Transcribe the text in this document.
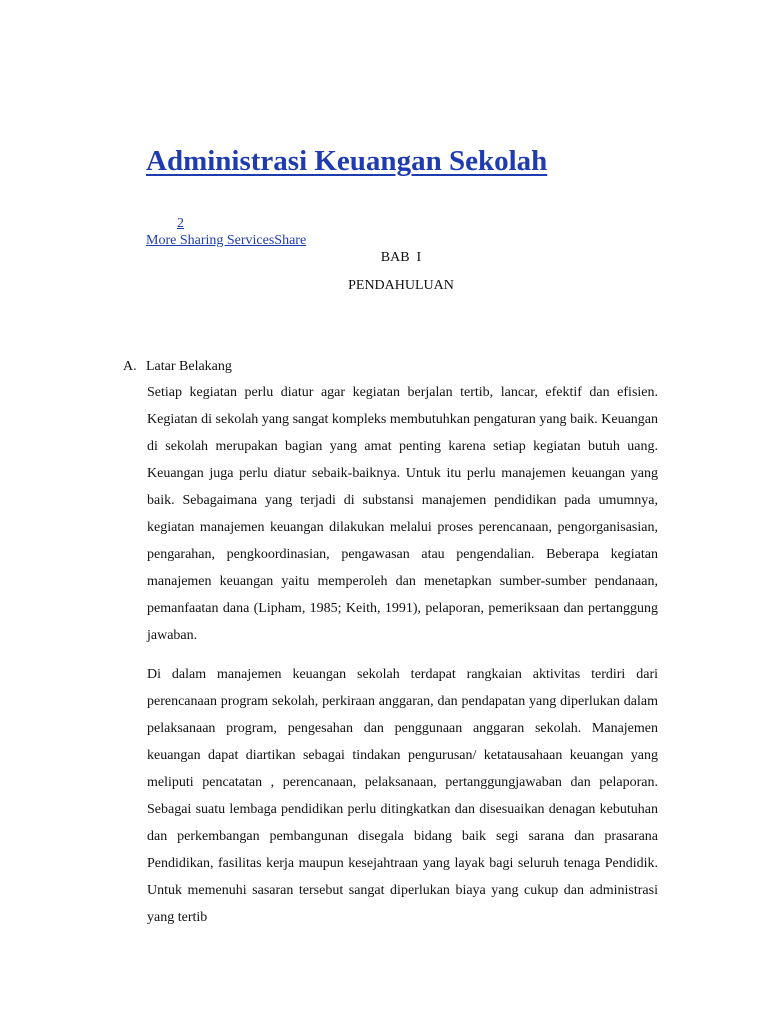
Administrasi Keuangan Sekolah
2
More Sharing ServicesShare
BAB  I
PENDAHULUAN
A. Latar Belakang

Setiap kegiatan perlu diatur agar kegiatan berjalan tertib, lancar, efektif dan efisien. Kegiatan di sekolah yang sangat kompleks membutuhkan pengaturan yang baik. Keuangan di sekolah merupakan bagian yang amat penting karena setiap kegiatan butuh uang. Keuangan juga perlu diatur sebaik-baiknya. Untuk itu perlu manajemen keuangan yang baik. Sebagaimana yang terjadi di substansi manajemen pendidikan pada umumnya, kegiatan manajemen keuangan dilakukan melalui proses perencanaan, pengorganisasian, pengarahan, pengkoordinasian, pengawasan atau pengendalian. Beberapa kegiatan manajemen keuangan yaitu memperoleh dan menetapkan sumber-sumber pendanaan, pemanfaatan dana (Lipham, 1985; Keith, 1991), pelaporan, pemeriksaan dan pertanggung jawaban.

Di dalam manajemen keuangan sekolah terdapat rangkaian aktivitas terdiri dari perencanaan program sekolah, perkiraan anggaran, dan pendapatan yang diperlukan dalam pelaksanaan program, pengesahan dan penggunaan anggaran sekolah. Manajemen keuangan dapat diartikan sebagai tindakan pengurusan/ ketatausahaan keuangan yang meliputi pencatatan , perencanaan, pelaksanaan, pertanggungjawaban dan pelaporan. Sebagai suatu lembaga pendidikan perlu ditingkatkan dan disesuaikan denagan kebutuhan dan perkembangan pembangunan disegala bidang baik segi sarana dan prasarana Pendidikan, fasilitas kerja maupun kesejahtraan yang layak bagi seluruh tenaga Pendidik. Untuk memenuhi sasaran tersebut sangat diperlukan biaya yang cukup dan administrasi yang tertib
